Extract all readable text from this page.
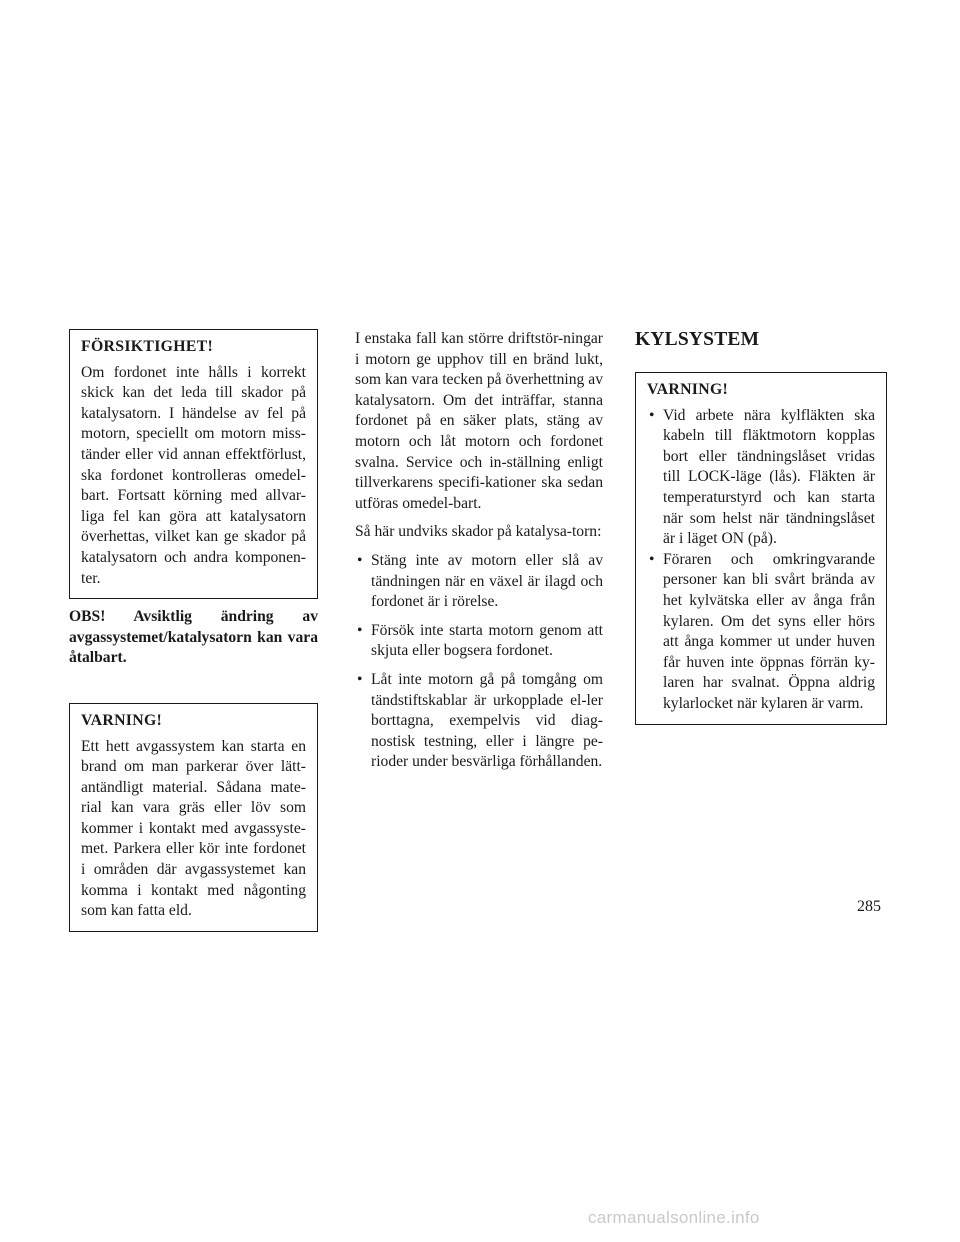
FÖRSIKTIGHET!
Om fordonet inte hålls i korrekt skick kan det leda till skador på katalysatorn. I händelse av fel på motorn, speciellt om motorn miss-tänder eller vid annan effektförlust, ska fordonet kontrolleras omedel-bart. Fortsatt körning med allvar-liga fel kan göra att katalysatorn överhettas, vilket kan ge skador på katalysatorn och andra komponen-ter.
OBS! Avsiktlig ändring av avgassystemet/katalysatorn kan vara åtalbart.
VARNING!
Ett hett avgassystem kan starta en brand om man parkerar över lätt-antändligt material. Sådana mate-rial kan vara gräs eller löv som kommer i kontakt med avgassyste-met. Parkera eller kör inte fordonet i områden där avgassystemet kan komma i kontakt med någonting som kan fatta eld.

I enstaka fall kan större driftstör-ningar i motorn ge upphov till en bränd lukt, som kan vara tecken på överhettning av katalysatorn. Om det inträffar, stanna fordonet på en säker plats, stäng av motorn och låt motorn och fordonet svalna. Service och in-ställning enligt tillverkarens specifi-kationer ska sedan utföras omedel-bart.

Så här undviks skador på katalysa-torn:

• Stäng inte av motorn eller slå av tändningen när en växel är ilagd och fordonet är i rörelse.
• Försök inte starta motorn genom att skjuta eller bogsera fordonet.
• Låt inte motorn gå på tomgång om tändstiftskablar är urkopplade el-ler borttagna, exempelvis vid diag-nostisk testning, eller i längre pe-rioder under besvärliga förhållanden.
KYLSYSTEM
VARNING!
• Vid arbete nära kylfläkten ska kabeln till fläktmotorn kopplas bort eller tändningslåset vridas till LOCK-läge (lås). Fläkten är temperaturstyrd och kan starta när som helst när tändningslåset är i läget ON (på).
• Föraren och omkringvarande personer kan bli svårt brända av het kylvätska eller av ånga från kylaren. Om det syns eller hörs att ånga kommer ut under huven får huven inte öppnas förrän ky-laren har svalnat. Öppna aldrig kylarlocket när kylaren är varm.
285
carmanualsonline.info
